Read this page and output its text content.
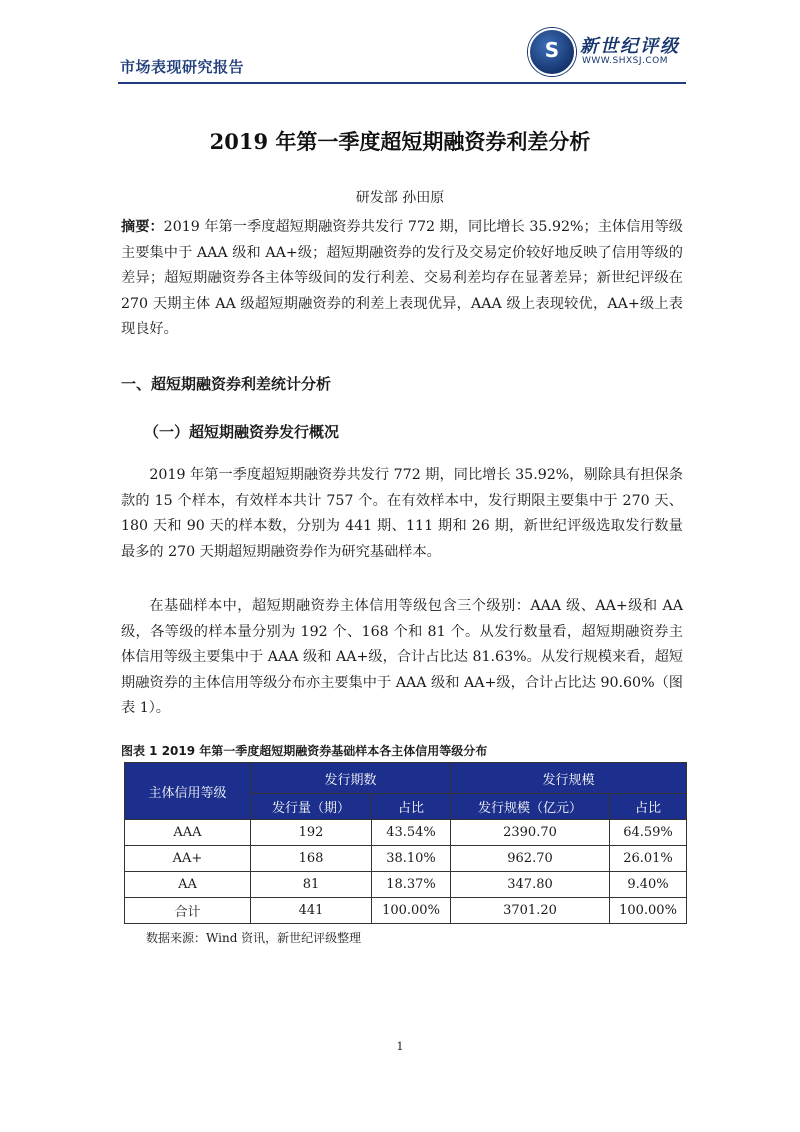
市场表现研究报告
S	新世纪评级
WWW.SHXSJ.COM
2019 年第一季度超短期融资券利差分析
研发部 孙田原

摘要：2019 年第一季度超短期融资券共发行 772 期，同比增长 35.92%；主体信用等级主要集中于 AAA 级和 AA+级；超短期融资券的发行及交易定价较好地反映了信用等级的差异；超短期融资券各主体等级间的发行利差、交易利差均存在显著差异；新世纪评级在 270 天期主体 AA 级超短期融资券的利差上表现优异，AAA 级上表现较优，AA+级上表现良好。

一、超短期融资券利差统计分析
（一）超短期融资券发行概况

2019 年第一季度超短期融资券共发行 772 期，同比增长 35.92%，剔除具有担保条款的 15 个样本，有效样本共计 757 个。在有效样本中，发行期限主要集中于 270 天、180 天和 90 天的样本数，分别为 441 期、111 期和 26 期，新世纪评级选取发行数量最多的 270 天期超短期融资券作为研究基础样本。

在基础样本中，超短期融资券主体信用等级包含三个级别：AAA 级、AA+级和 AA 级，各等级的样本量分别为 192 个、168 个和 81 个。从发行数量看，超短期融资券主体信用等级主要集中于 AAA 级和 AA+级，合计占比达 81.63%。从发行规模来看，超短期融资券的主体信用等级分布亦主要集中于 AAA 级和 AA+级，合计占比达 90.60%（图表 1）。

图表 1 2019 年第一季度超短期融资券基础样本各主体信用等级分布
主体信用等级	发行期数		发行规模	
	发行量（期）	占比	发行规模（亿元）	占比
AAA	192	43.54%	2390.70	64.59%
AA+	168	38.10%	962.70	26.01%
AA	81	18.37%	347.80	9.40%
合计	441	100.00%	3701.20	100.00%
数据来源：Wind 资讯，新世纪评级整理
1
